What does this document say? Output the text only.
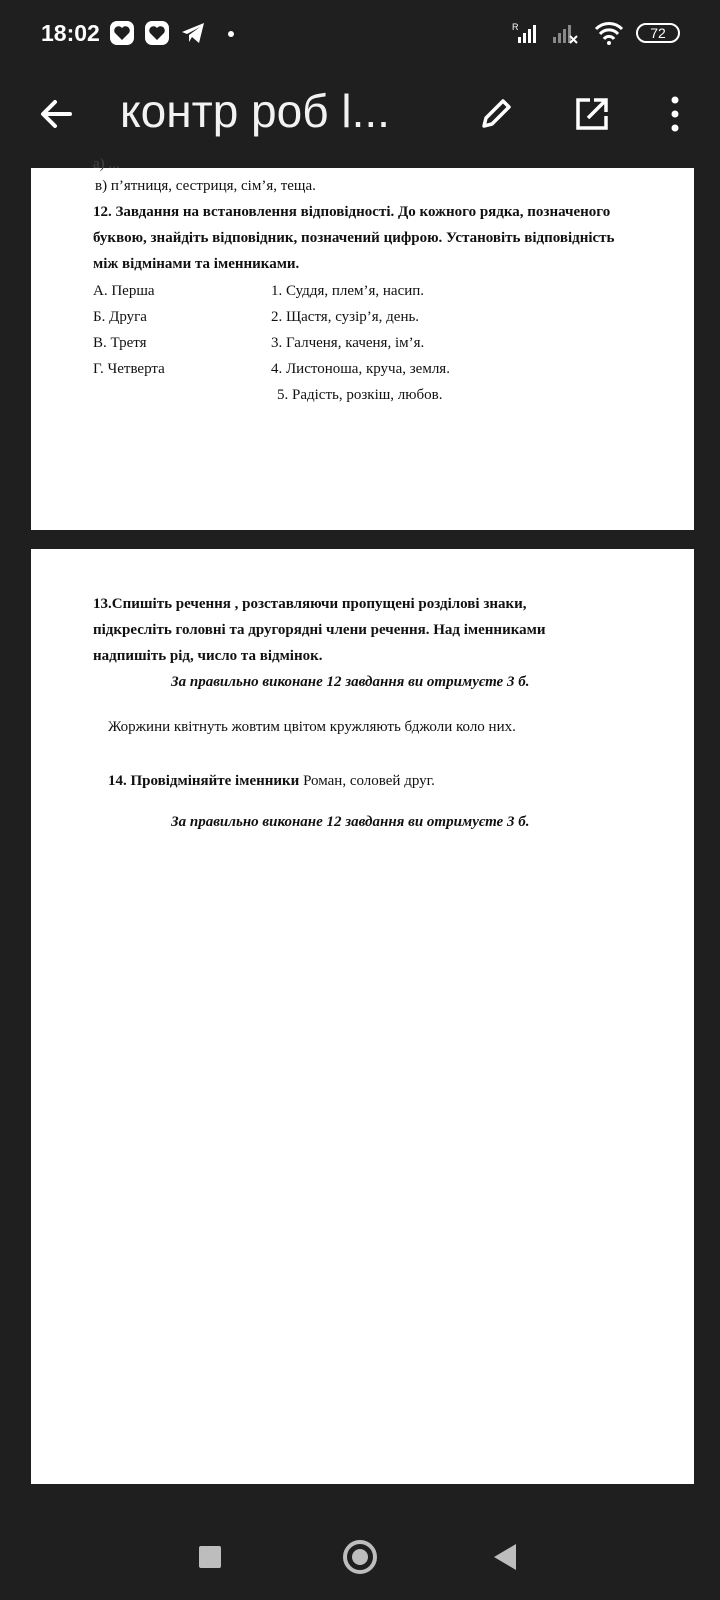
18:02	R	72
контр роб l...
а) ...
в) п’ятниця, сестриця, сім’я, теща.
12. Завдання на встановлення відповідності. До кожного рядка, позначеного
буквою, знайдіть відповідник, позначений цифрою. Установіть відповідність
між відмінами та іменниками.
А. Перша
Б. Друга
В. Третя
Г. Четверта
1. Суддя, плем’я, насип.
2. Щастя, сузір’я, день.
3. Галченя, каченя, ім’я.
4. Листоноша, круча, земля.
5. Радість, розкіш, любов.
13.Спишіть речення , розставляючи пропущені розділові знаки,
підкресліть головні та другорядні члени речення. Над іменниками
надпишіть рід, число та відмінок.
За правильно виконане 12 завдання ви отримуєте 3 б.
Жоржини квітнуть жовтим цвітом кружляють бджоли коло них.
14. Провідміняйте іменники Роман, соловей друг.
За правильно виконане 12 завдання ви отримуєте 3 б.
